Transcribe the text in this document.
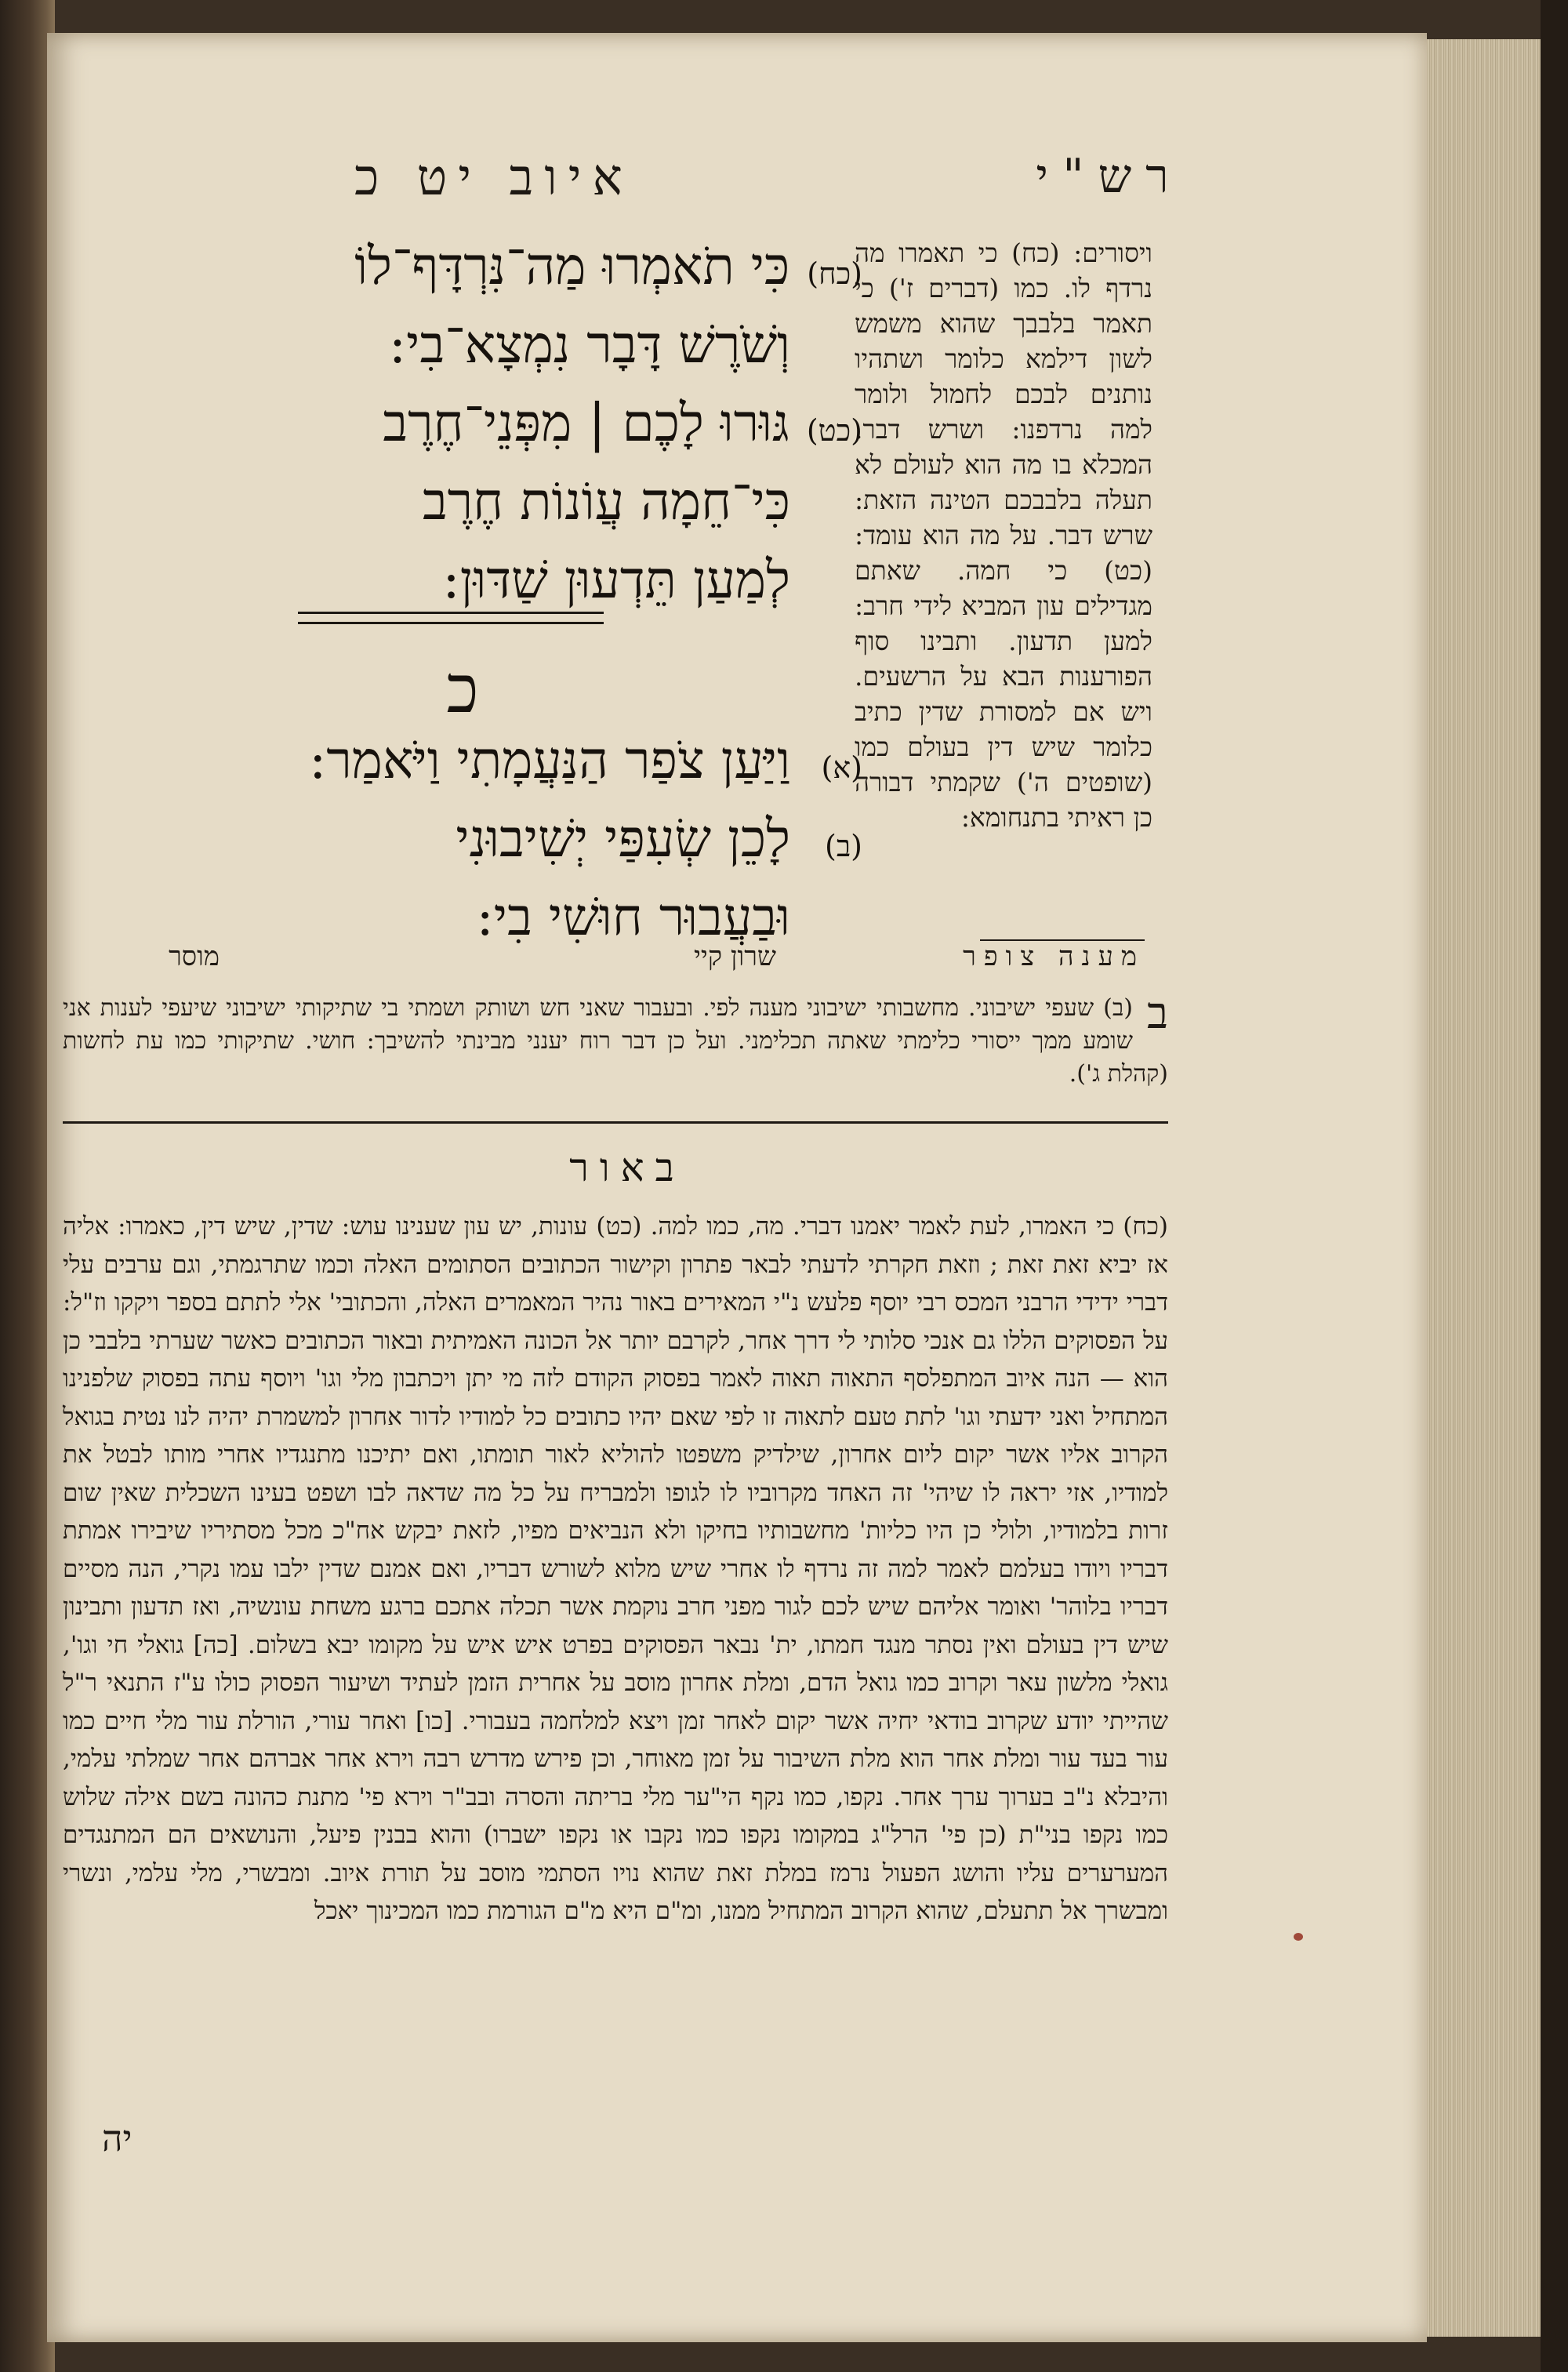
רש"י
איוב יט כ
ויסורים: (כח) כי תאמרו מה נרדף לו. כמו (דברים ז') כי תאמר בלבבך שהוא משמש לשון דילמא כלומר ושתהיו נותנים לבכם לחמול ולומר למה נרדפנו: ושרש דבר. המכלא בו מה הוא לעולם לא תעלה בלבבכם הטינה הזאת: שרש דבר. על מה הוא עומד: (כט) כי חמה. שאתם מגדילים עון המביא לידי חרב: למען תדעון. ותבינו סוף הפורענות הבא על הרשעים. ויש אם למסורת שדין כתיב כלומר שיש דין בעולם כמו (שופטים ה') שקמתי דבורה כן ראיתי בתנחומא:
(כח)
כִּי תֹאמְרוּ מַה־נִּרְדָּף־לוֹ
וְשֹׁרֶשׁ דָּבָר נִמְצָא־בִי:
(כט)
גּוּרוּ לָכֶם | מִפְּנֵי־חֶרֶב
כִּי־חֵמָה עֲוֹנוֹת חֶרֶב
לְמַעַן תֵּדְעוּן שַׁדּוּן:
כ
(א)
וַיַּעַן צֹפַר הַנַּעֲמָתִי וַיֹּאמַר:
(ב)
לָכֵן שְׂעִפַּי יְשִׁיבוּנִי
וּבַעֲבוּר חוּשִׁי בִי:
מענה צופר
שרון קיי
מוסר
ב
(ב) שעפי ישיבוני. מחשבותי ישיבוני מענה לפי. ובעבור שאני חש ושותק ושמתי בי שתיקותי ישיבוני שיעפי לענות אני שומע ממך ייסורי כלימתי שאתה תכלימני. ועל כן דבר רוח יענני מבינתי להשיבך: חושי. שתיקותי כמו עת לחשות (קהלת ג').
באור
(כח) כי האמרו, לעת לאמר יאמנו דברי. מה, כמו למה. (כט) עונות, יש עון שענינו עוש: שדין, שיש דין, כאמרו: אליה אז יביא זאת זאת ; וזאת חקרתי לדעתי לבאר פתרון וקישור הכתובים הסתומים האלה וכמו שתרגמתי, וגם ערבים עלי דברי ידידי הרבני המכס רבי יוסף פלעש נ"י המאירים באור נהיר המאמרים האלה, והכתובי' אלי לתתם בספר ויקקו וז"ל: על הפסוקים הללו גם אנכי סלותי לי דרך אחר, לקרבם יותר אל הכונה האמיתית ובאור הכתובים כאשר שערתי בלבבי כן הוא — הנה איוב המתפלסף התאוה תאוה לאמר בפסוק הקודם לזה מי יתן ויכתבון מלי וגו' ויוסף עתה בפסוק שלפנינו המתחיל ואני ידעתי וגו' לתת טעם לתאוה זו לפי שאם יהיו כתובים כל למודיו לדור אחרון למשמרת יהיה לנו נטית בגואל הקרוב אליו אשר יקום ליום אחרון, שילדיק משפטו להוליא לאור תומתו, ואם יתיכנו מתנגדיו אחרי מותו לבטל את למודיו, אזי יראה לו שיהי' זה האחד מקרוביו לו לגופו ולמבריח על כל מה שדאה לבו ושפט בעינו השכלית שאין שום זרות בלמודיו, ולולי כן היו כליות' מחשבותיו בחיקו ולא הנביאים מפיו, לזאת יבקש אח"כ מכל מסתיריו שיבירו אמתת דבריו ויודו בעלמם לאמר למה זה נרדף לו אחרי שיש מלוא לשורש דבריו, ואם אמנם שדין ילבו עמו נקרי, הנה מסיים דבריו בלוהר' ואומר אליהם שיש לכם לגור מפני חרב נוקמת אשר תכלה אתכם ברגע משחת עונשיה, ואז תדעון ותבינון שיש דין בעולם ואין נסתר מנגד חמתו, ית' נבאר הפסוקים בפרט איש איש על מקומו יבא בשלום. [כה] גואלי חי וגו', גואלי מלשון עאר וקרוב כמו גואל הדם, ומלת אחרון מוסב על אחרית הזמן לעתיד ושיעור הפסוק כולו ע"ז התנאי ר"ל שהייתי יודע שקרוב בודאי יחיה אשר יקום לאחר זמן ויצא למלחמה בעבורי. [כו] ואחר עורי, הורלת עור מלי חיים כמו עור בעד עור ומלת אחר הוא מלת השיבור על זמן מאוחר, וכן פירש מדרש רבה וירא אחר אברהם אחר שמלתי עלמי, והיבלא נ"ב בערוך ערך אחר. נקפו, כמו נקף הי"ער מלי בריתה והסרה ובב"ר וירא פי' מתנת כהונה בשם אילה שלוש כמו נקפו בני"ת (כן פי' הרל"ג במקומו נקפו כמו נקבו או נקפו ישברו) והוא בבנין פיעל, והנושאים הם המתנגדים המערערים עליו והושג הפעול נרמז במלת זאת שהוא נויו הסתמי מוסב על תורת איוב. ומבשרי, מלי עלמי, ונשרי ומבשרך אל תתעלם, שהוא הקרוב המתחיל ממנו, ומ"ם היא מ"ם הגורמת כמו המכינוך יאכל
יה
